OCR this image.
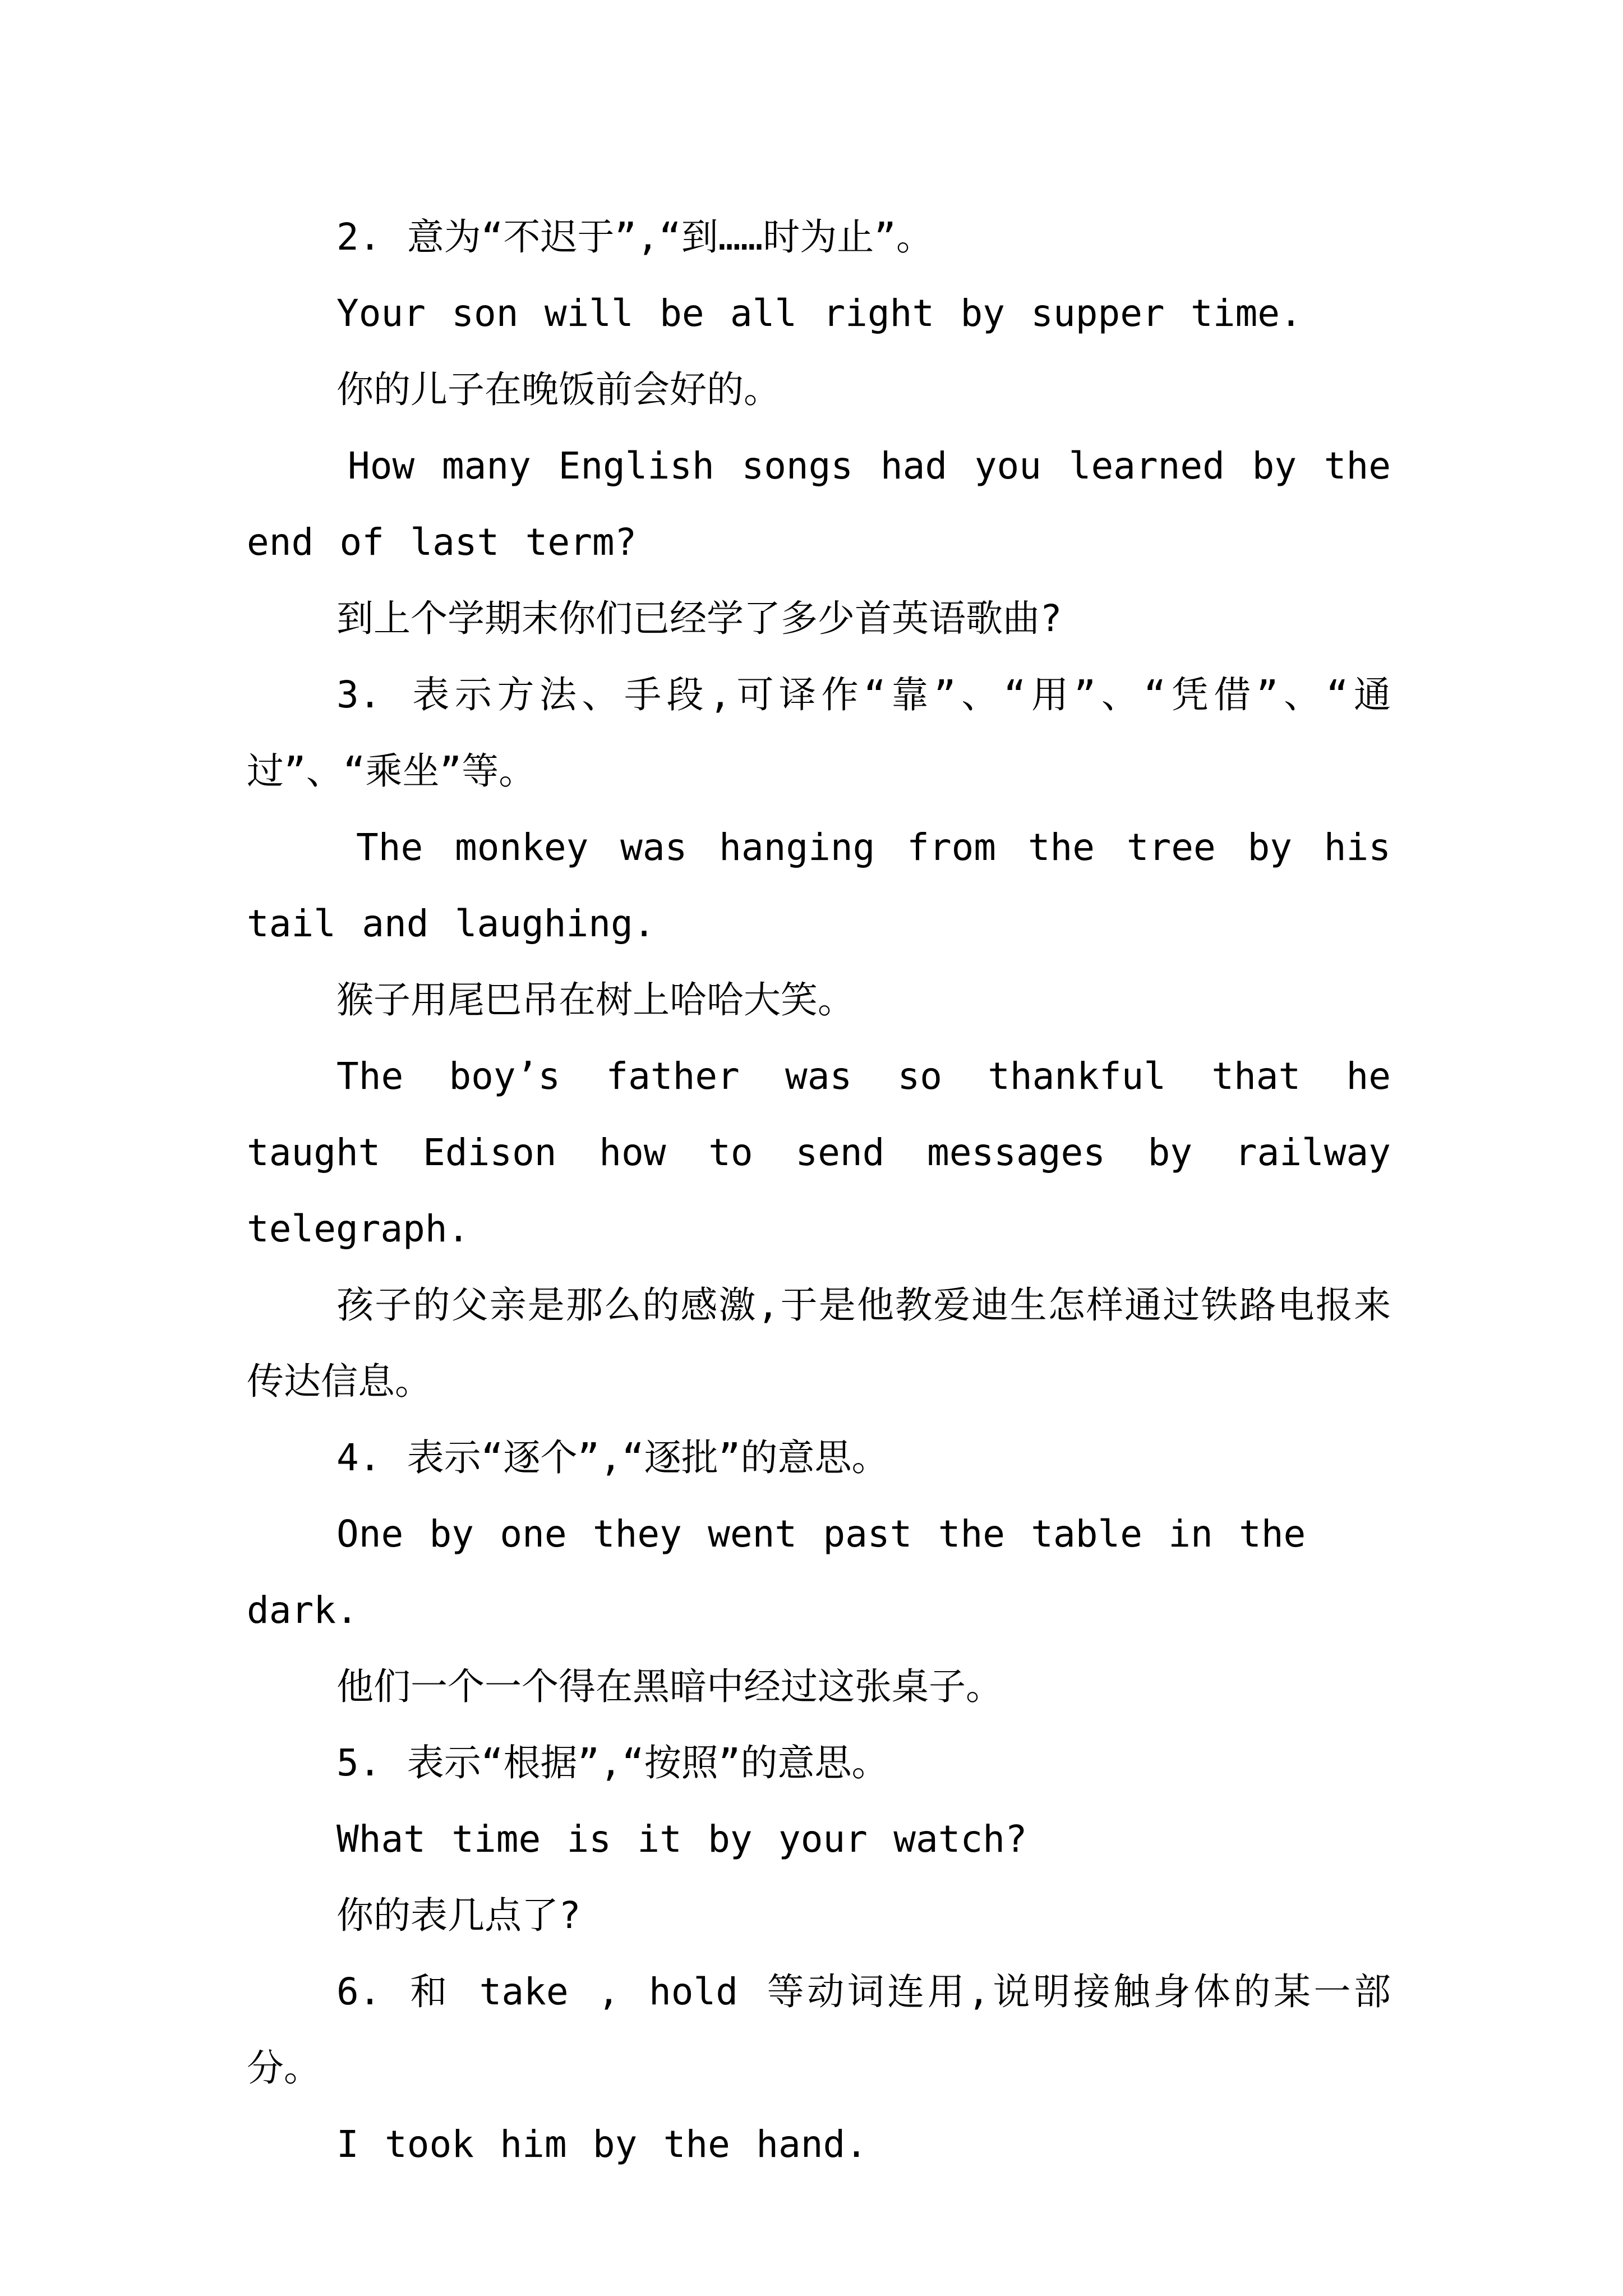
2. 意为“不迟于”,“到……时为止”。

Your son will be all right by supper time.

你的儿子在晚饭前会好的。

How many English songs had you learned by the end of last term?

到上个学期末你们已经学了多少首英语歌曲?

3. 表示方法、手段,可译作“靠”、“用”、“凭借”、“通过”、“乘坐”等。

The monkey was hanging from the tree by his tail and laughing.

猴子用尾巴吊在树上哈哈大笑。

The boy’s father was so thankful that he taught Edison how to send messages by railway telegraph.

孩子的父亲是那么的感激,于是他教爱迪生怎样通过铁路电报来传达信息。

4. 表示“逐个”,“逐批”的意思。

One by one they went past the table in the dark.

他们一个一个得在黑暗中经过这张桌子。

5. 表示“根据”,“按照”的意思。

What time is it by your watch?

你的表几点了?

6. 和 take , hold 等动词连用,说明接触身体的某一部分。

I took him by the hand.
